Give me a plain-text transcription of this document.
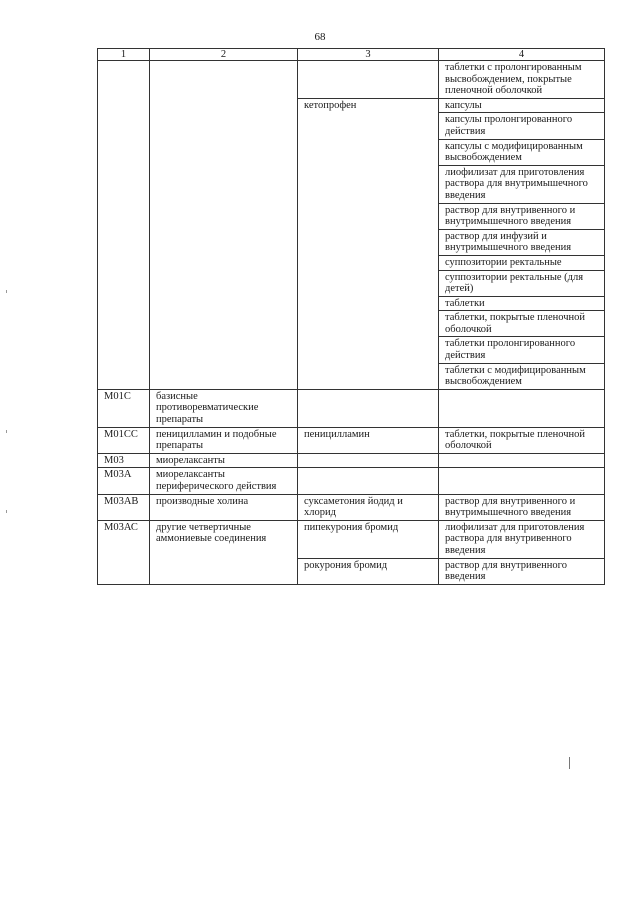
68
1	2	3	4
			таблетки с пролонгированным высвобождением, покрытые пленочной оболочкой
		кетопрофен	капсулы
			капсулы пролонгированного действия
			капсулы с модифицированным высвобождением
			лиофилизат для приготовления раствора для внутримышечного введения
			раствор для внутривенного и внутримышечного введения
			раствор для инфузий и внутримышечного введения
			суппозитории ректальные
			суппозитории ректальные (для детей)
			таблетки
			таблетки, покрытые пленочной оболочкой
			таблетки пролонгированного действия
			таблетки с модифицированным высвобождением
М01С	базисные противоревматические препараты		
М01СС	пеницилламин и подобные препараты	пеницилламин	таблетки, покрытые пленочной оболочкой
М03	миорелаксанты		
М03А	миорелаксанты периферического действия		
М03АВ	производные холина	суксаметония йодид и хлорид	раствор для внутривенного и внутримышечного введения
М03АС	другие четвертичные аммониевые соединения	пипекурония бромид	лиофилизат для приготовления раствора для внутривенного введения
		рокурония бромид	раствор для внутривенного введения
